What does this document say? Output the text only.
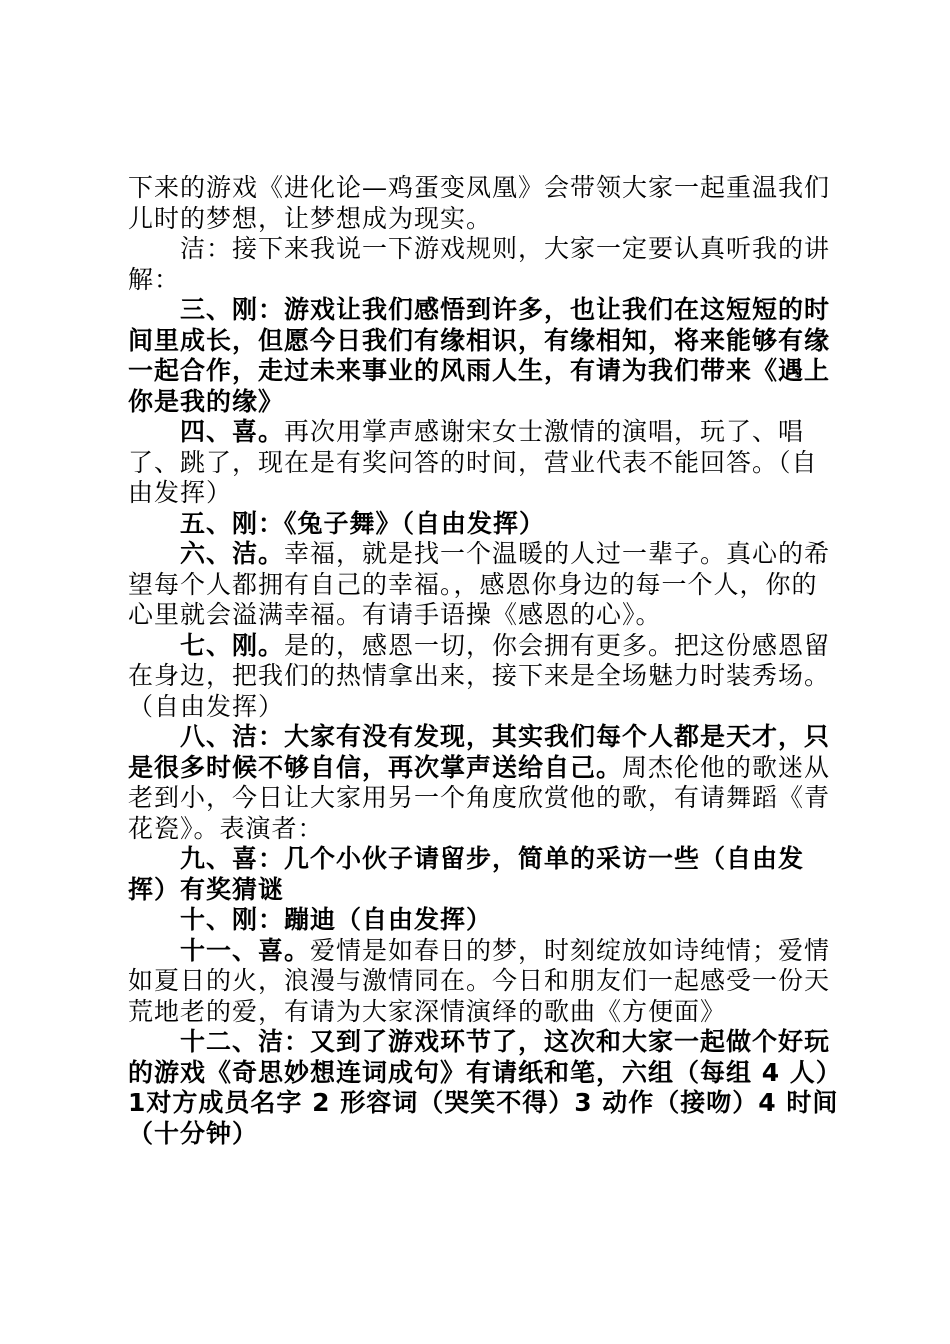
下来的游戏《进化论—鸡蛋变凤凰》会带领大家一起重温我们儿时的梦想，让梦想成为现实。

洁：接下来我说一下游戏规则，大家一定要认真听我的讲解：

三、刚：游戏让我们感悟到许多，也让我们在这短短的时间里成长，但愿今日我们有缘相识，有缘相知，将来能够有缘一起合作，走过未来事业的风雨人生，有请为我们带来《遇上你是我的缘》

四、喜。再次用掌声感谢宋女士激情的演唱，玩了、唱了、跳了，现在是有奖问答的时间，营业代表不能回答。（自由发挥）

五、刚：《兔子舞》（自由发挥）

六、洁。幸福，就是找一个温暖的人过一辈子。真心的希望每个人都拥有自己的幸福。，感恩你身边的每一个人，你的心里就会溢满幸福。有请手语操《感恩的心》。

七、刚。是的，感恩一切，你会拥有更多。把这份感恩留在身边，把我们的热情拿出来，接下来是全场魅力时装秀场。（自由发挥）

八、洁：大家有没有发现，其实我们每个人都是天才，只是很多时候不够自信，再次掌声送给自己。周杰伦他的歌迷从老到小，今日让大家用另一个角度欣赏他的歌，有请舞蹈《青花瓷》。表演者：

九、喜：几个小伙子请留步，简单的采访一些（自由发挥）有奖猜谜

十、刚：蹦迪（自由发挥）

十一、喜。爱情是如春日的梦，时刻绽放如诗纯情；爱情如夏日的火，浪漫与激情同在。今日和朋友们一起感受一份天荒地老的爱，有请为大家深情演绎的歌曲《方便面》

十二、洁：又到了游戏环节了，这次和大家一起做个好玩的游戏《奇思妙想连词成句》有请纸和笔，六组（每组 4 人）1对方成员名字 2 形容词（哭笑不得）3 动作（接吻）4 时间（十分钟）
